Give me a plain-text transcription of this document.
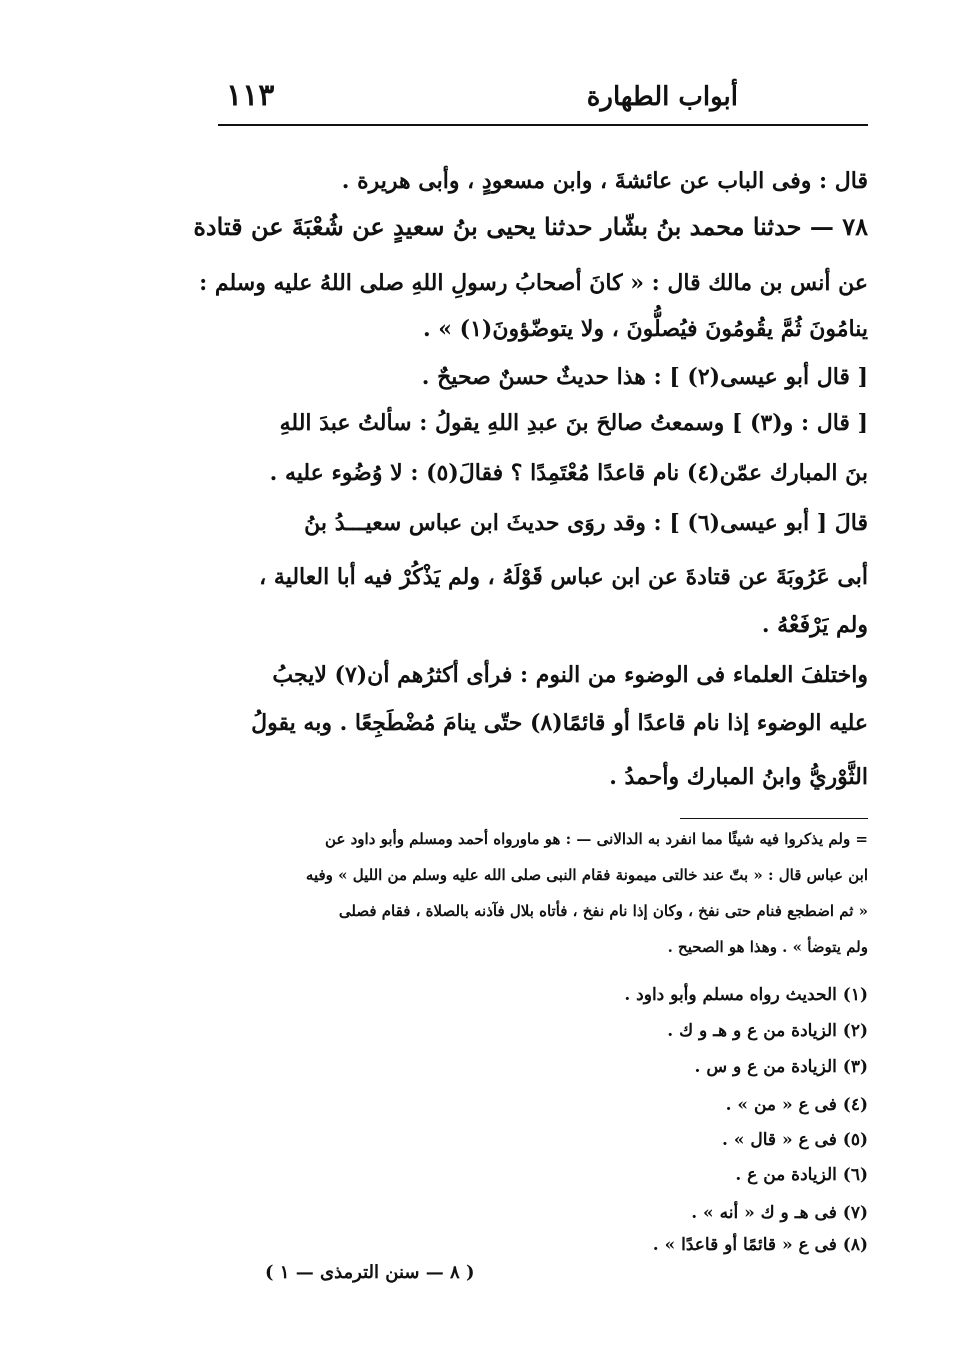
أبواب الطهارة
١١٣

قال : وفى الباب عن عائشةَ ، وابن مسعودٍ ، وأبى هريرة .

٧٨ — حدثنا محمد بنُ بشّار حدثنا يحيى بنُ سعيدٍ عن شُعْبَةَ عن قتادة

عن أنس بن مالك قال : « كانَ أصحابُ رسولِ اللهِ صلى اللهُ عليه وسلم :

ينامُونَ ثُمَّ يقُومُونَ فيُصلُّونَ ، ولا يتوضّؤونَ(١) » .

[ قال أبو عيسى(٢) ] : هذا حديثٌ حسنٌ صحيحٌ .

[ قال : و(٣) ] وسمعتُ صالحَ بنَ عبدِ اللهِ يقولُ : سألتُ عبدَ اللهِ

بنَ المبارك عمّن(٤) نام قاعدًا مُعْتَمِدًا ؟ فقالَ(٥) : لا وُضُوء عليه .

قالَ [ أبو عيسى(٦) ] : وقد روَى حديثَ ابن عباس سعيـــدُ بنُ

أبى عَرُوبَةَ عن قتادةَ عن ابن عباس قَوْلَهُ ، ولم يَذْكُرْ فيه أبا العالية ،

ولم يَرْفَعْهُ .

واختلفَ العلماء فى الوضوء من النوم : فرأى أكثرُهم أن(٧) لايجبُ

عليه الوضوء إذا نام قاعدًا أو قائمًا(٨) حتّى ينامَ مُضْطَجِعًا . وبه يقولُ

الثَّوْريُّ وابنُ المبارك وأحمدُ .

= ولم يذكروا فيه شيئًا مما انفرد به الدالانى — : هو ماورواه أحمد ومسلم وأبو داود عن
ابن عباس قال : « بتّ عند خالتى ميمونة فقام النبى صلى الله عليه وسلم من الليل » وفيه
« ثم اضطجع فنام حتى نفخ ، وكان إذا نام نفخ ، فأتاه بلال فآذنه بالصلاة ، فقام فصلى
ولم يتوضأ » . وهذا هو الصحيح .
(١) الحديث رواه مسلم وأبو داود .
(٢) الزيادة من ع و هـ و ك .
(٣) الزيادة من ع و س .
(٤) فى ع « من » .
(٥) فى ع « قال » .
(٦) الزيادة من ع .
(٧) فى هـ و ك « أنه » .
(٨) فى ع « قائمًا أو قاعدًا » .
( ٨ — سنن الترمذى — ١ )
